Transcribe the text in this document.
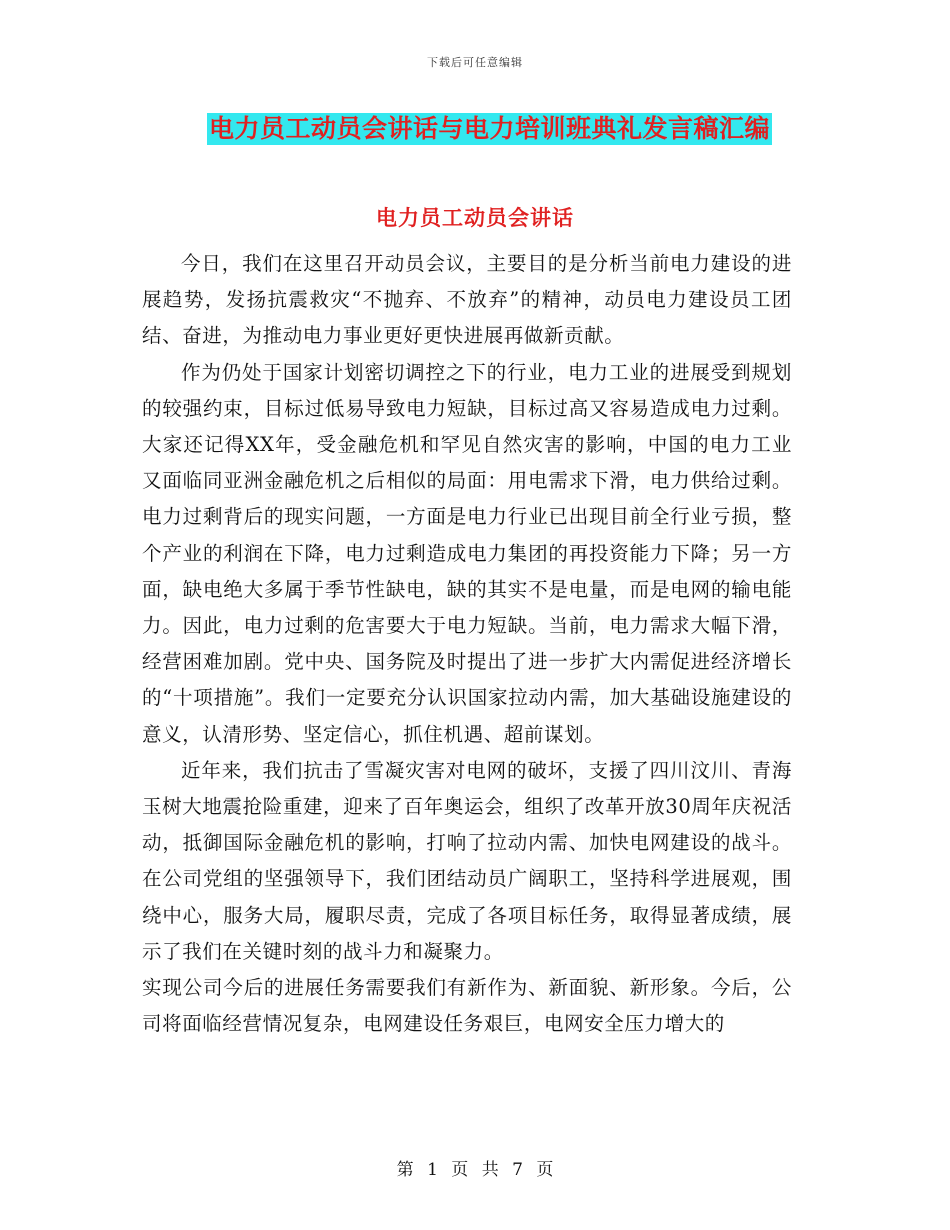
下载后可任意编辑
电力员工动员会讲话与电力培训班典礼发言稿汇编
电力员工动员会讲话

今日，我们在这里召开动员会议，主要目的是分析当前电力建设的进展趋势，发扬抗震救灾“不抛弃、不放弃”的精神，动员电力建设员工团结、奋进，为推动电力事业更好更快进展再做新贡献。

作为仍处于国家计划密切调控之下的行业，电力工业的进展受到规划的较强约束，目标过低易导致电力短缺，目标过高又容易造成电力过剩。大家还记得XX年，受金融危机和罕见自然灾害的影响，中国的电力工业又面临同亚洲金融危机之后相似的局面：用电需求下滑，电力供给过剩。电力过剩背后的现实问题，一方面是电力行业已出现目前全行业亏损，整个产业的利润在下降，电力过剩造成电力集团的再投资能力下降；另一方面，缺电绝大多属于季节性缺电，缺的其实不是电量，而是电网的输电能力。因此，电力过剩的危害要大于电力短缺。当前，电力需求大幅下滑，经营困难加剧。党中央、国务院及时提出了进一步扩大内需促进经济增长的“十项措施”。我们一定要充分认识国家拉动内需，加大基础设施建设的意义，认清形势、坚定信心，抓住机遇、超前谋划。

近年来，我们抗击了雪凝灾害对电网的破坏，支援了四川汶川、青海玉树大地震抢险重建，迎来了百年奥运会，组织了改革开放30周年庆祝活动，抵御国际金融危机的影响，打响了拉动内需、加快电网建设的战斗。在公司党组的坚强领导下，我们团结动员广阔职工，坚持科学进展观，围绕中心，服务大局，履职尽责，完成了各项目标任务，取得显著成绩，展示了我们在关键时刻的战斗力和凝聚力。

实现公司今后的进展任务需要我们有新作为、新面貌、新形象。今后，公司将面临经营情况复杂，电网建设任务艰巨，电网安全压力增大的

第 1 页 共 7 页
